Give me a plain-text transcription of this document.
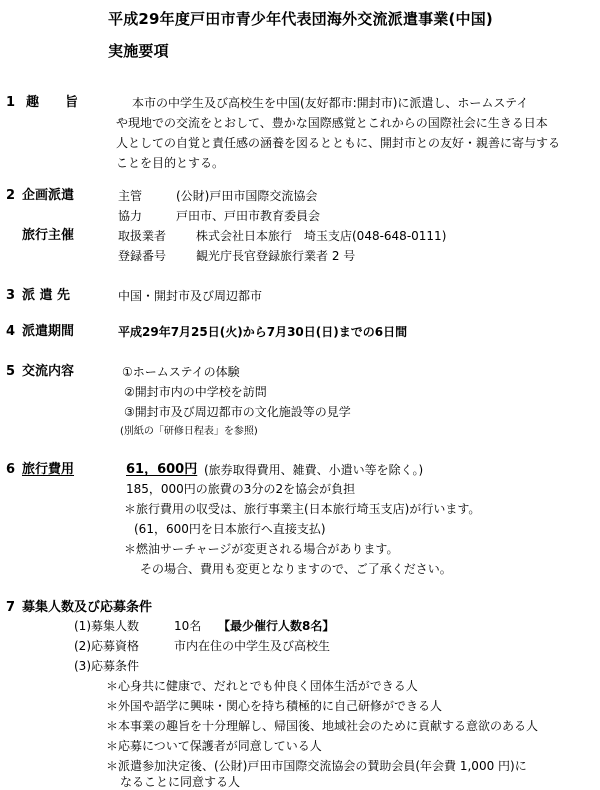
平成29年度戸田市青少年代表団海外交流派遣事業(中国)
実施要項
1 趣　　旨	本市の中学生及び高校生を中国(友好都市:開封市)に派遣し、ホームステイ
や現地での交流をとおして、豊かな国際感覚とこれからの国際社会に生きる日本
人としての自覚と責任感の涵養を図るとともに、開封市との友好・親善に寄与する
ことを目的とする。
2 企画派遣
旅行主催
主管	(公財)戸田市国際交流協会
協力	戸田市、戸田市教育委員会
取扱業者 株式会社日本旅行　埼玉支店(048-648-0111)
登録番号 観光庁長官登録旅行業者 2 号
3 派 遣 先	中国・開封市及び周辺都市
4 派遣期間	平成29年7月25日(火)から7月30日(日)までの6日間
5 交流内容	①ホームステイの体験
②開封市内の中学校を訪問
③開封市及び周辺都市の文化施設等の見学
(別紙の「研修日程表」を参照)
6 旅行費用	61，600円 (旅券取得費用、雑費、小遣い等を除く。)
185，000円の旅費の3分の2を協会が負担
＊旅行費用の収受は、旅行事業主(日本旅行埼玉支店)が行います。
(61，600円を日本旅行へ直接支払)
＊燃油サーチャージが変更される場合があります。
その場合、費用も変更となりますので、ご了承ください。
7 募集人数及び応募条件
(1)募集人数	10名 【最少催行人数8名】
(2)応募資格	市内在住の中学生及び高校生
(3)応募条件
＊心身共に健康で、だれとでも仲良く団体生活ができる人
＊外国や語学に興味・関心を持ち積極的に自己研修ができる人
＊本事業の趣旨を十分理解し、帰国後、地域社会のために貢献する意欲のある人
＊応募について保護者が同意している人
＊派遣参加決定後、(公財)戸田市国際交流協会の賛助会員(年会費 1,000 円)に
なることに同意する人
